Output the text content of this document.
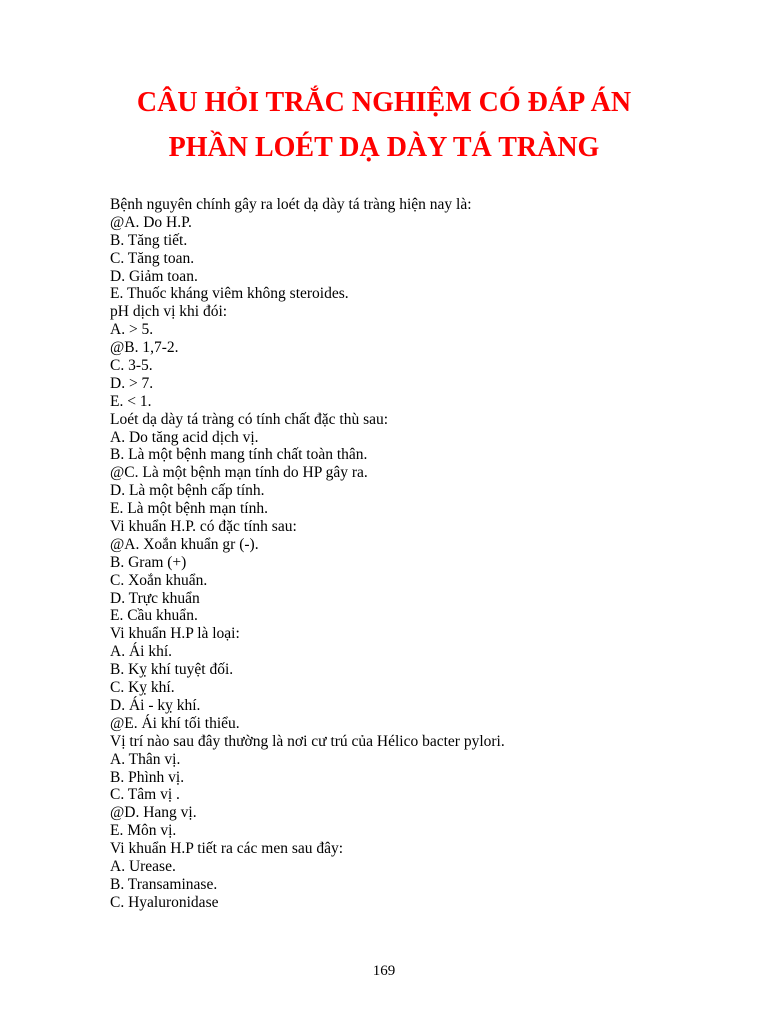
CÂU HỎI TRẮC NGHIỆM CÓ ĐÁP ÁN
PHẦN LOÉT DẠ DÀY TÁ TRÀNG
Bệnh nguyên chính gây ra loét dạ dày tá tràng hiện nay là:
@A. Do H.P.
B. Tăng tiết.
C. Tăng toan.
D. Giảm toan.
E. Thuốc kháng viêm không steroides.
pH dịch vị khi đói:
A. > 5.
@B. 1,7-2.
C. 3-5.
D. > 7.
E. < 1.
Loét dạ dày tá tràng có tính chất đặc thù sau:
A. Do tăng acid dịch vị.
B. Là một bệnh mang tính chất toàn thân.
@C. Là một bệnh mạn tính do HP gây ra.
D. Là một bệnh cấp tính.
E. Là một bệnh mạn tính.
Vi khuẩn H.P. có đặc tính sau:
@A. Xoắn khuẩn gr (-).
B. Gram (+)
C. Xoắn khuẩn.
D. Trực khuẩn
E. Cầu khuẩn.
Vi khuẩn H.P là loại:
A. Ái khí.
B. Kỵ khí tuyệt đối.
C. Kỵ khí.
D. Ái - kỵ khí.
@E. Ái khí tối thiểu.
Vị trí nào sau đây thường là nơi cư trú của Hélico bacter pylori.
A. Thân vị.
B. Phình vị.
C. Tâm vị .
@D. Hang vị.
E. Môn vị.
Vi khuẩn H.P tiết ra các men sau đây:
A. Urease.
B. Transaminase.
C. Hyaluronidase
169
